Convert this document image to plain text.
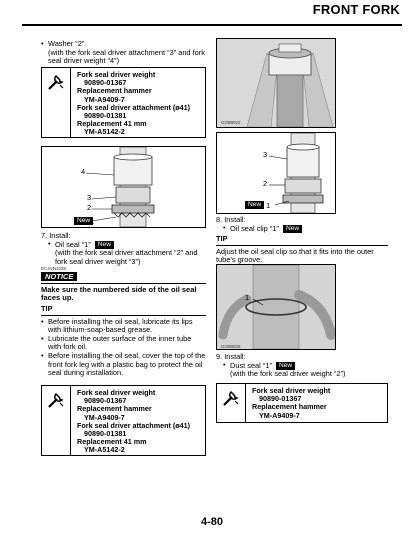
FRONT FORK
• Washer “2”
(with the fork seal driver attachment “3” and fork seal driver weight “4”)
Fork seal driver weight
90890-01367
Replacement hammer
YM-A9409-7
Fork seal driver attachment (ø41)
90890-01381
Replacement 41 mm
YM-A5142-2
4
3
2
New 1
7. Install:
• Oil seal “1” New
(with the fork seal driver attachment “2” and fork seal driver weight “3”)
EC4VN1035
NOTICE
Make sure the numbered side of the oil seal faces up.
TIP
• Before installing the oil seal, lubricate its lips with lithium-soap-based grease.
• Lubricate the outer surface of the inner tube with fork oil.
• Before installing the oil seal, cover the top of the front fork leg with a plastic bag to protect the oil seal during installation.
Fork seal driver weight
90890-01367
Replacement hammer
YM-A9409-7
Fork seal driver attachment (ø41)
90890-01381
Replacement 41 mm
YM-A5142-2
GO88022
3
2
New 1
8. Install:
• Oil seal clip “1” New
TIP
Adjust the oil seal clip so that it fits into the outer tube’s groove.
1
GO88023
9. Install:
• Dust seal “1” New
(with the fork seal driver weight “2”)
Fork seal driver weight
90890-01367
Replacement hammer
YM-A9409-7
4-80
